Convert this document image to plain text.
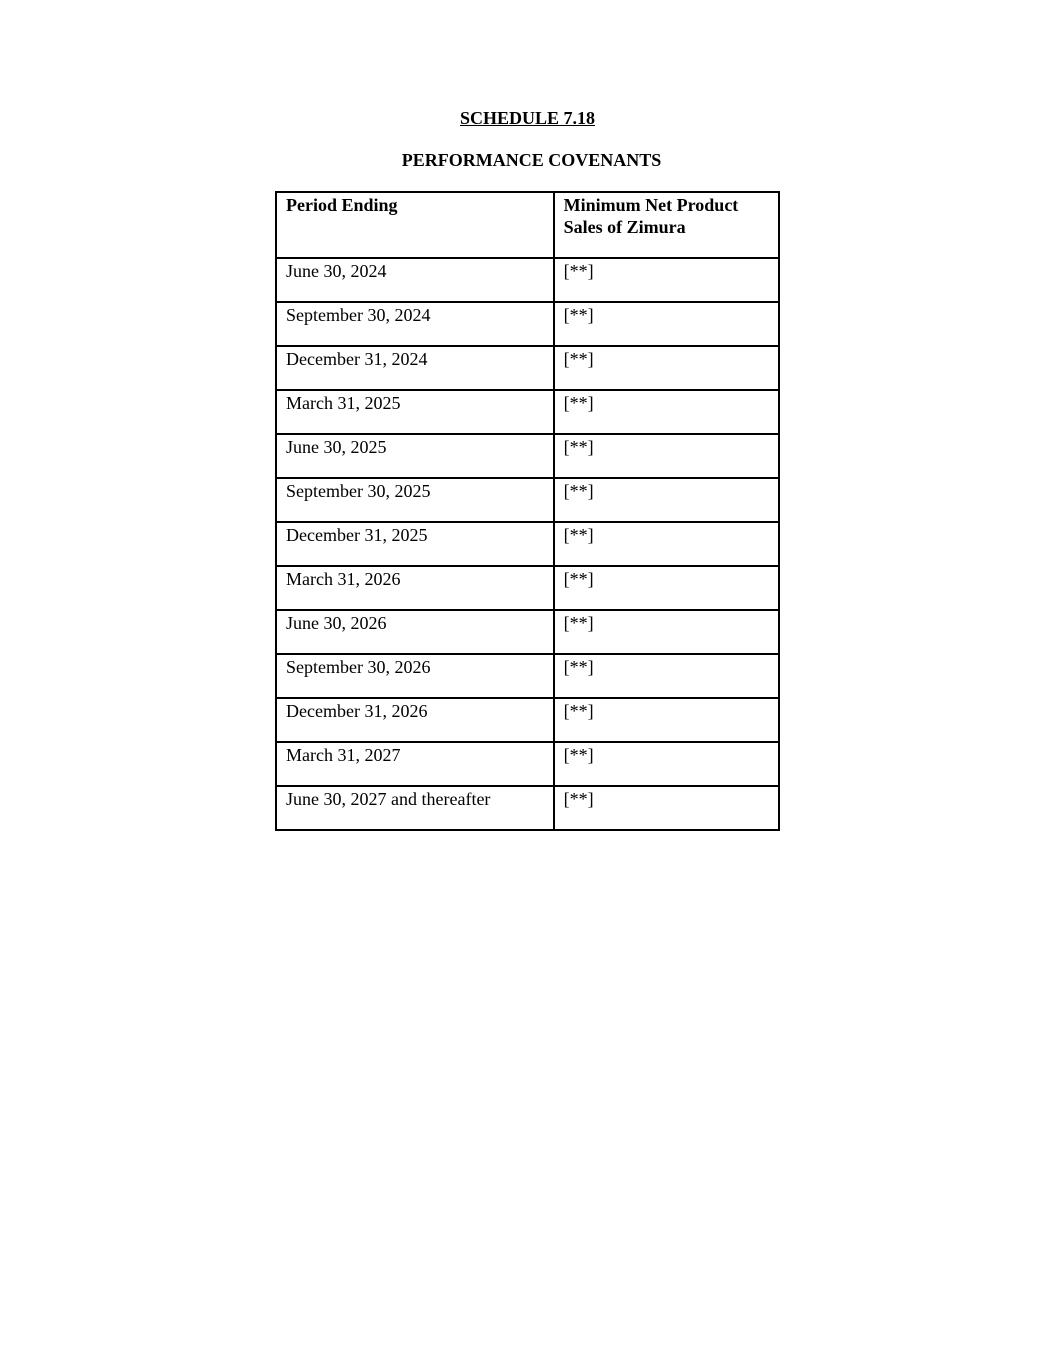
SCHEDULE 7.18
PERFORMANCE COVENANTS
Period Ending	Minimum Net Product Sales of Zimura
June 30, 2024	[**]
September 30, 2024	[**]
December 31, 2024	[**]
March 31, 2025	[**]
June 30, 2025	[**]
September 30, 2025	[**]
December 31, 2025	[**]
March 31, 2026	[**]
June 30, 2026	[**]
September 30, 2026	[**]
December 31, 2026	[**]
March 31, 2027	[**]
June 30, 2027 and thereafter	[**]
